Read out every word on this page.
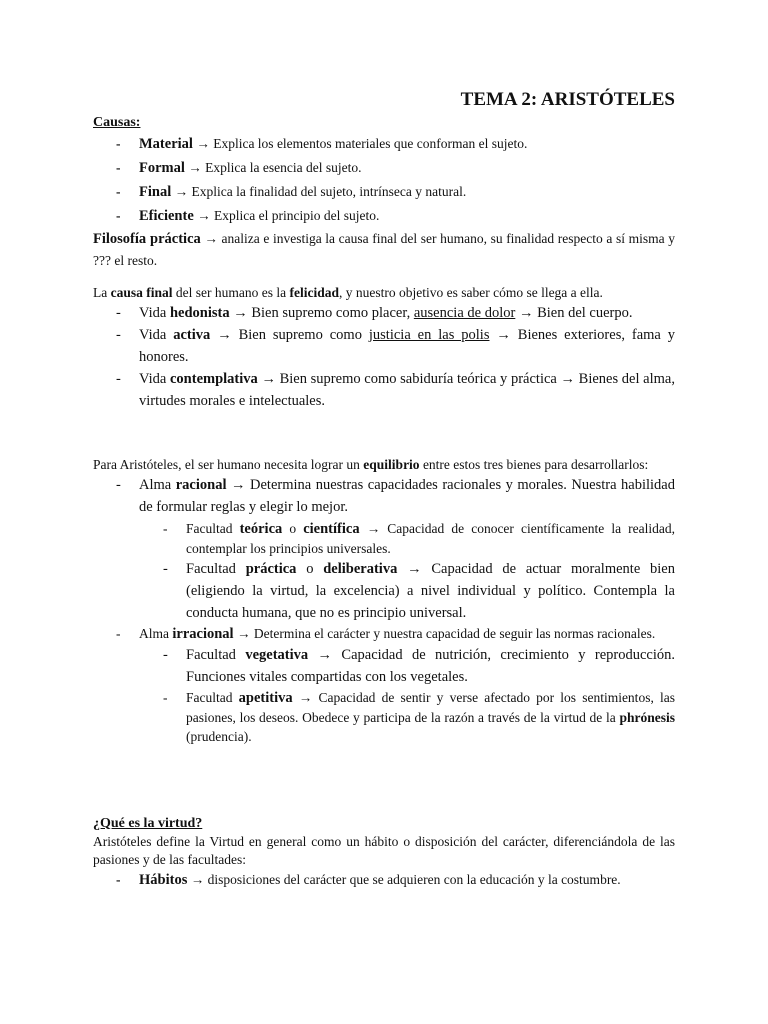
TEMA 2: ARISTÓTELES

Causas:

- Material → Explica los elementos materiales que conforman el sujeto.
- Formal → Explica la esencia del sujeto.
- Final → Explica la finalidad del sujeto, intrínseca y natural.
- Eficiente → Explica el principio del sujeto.

Filosofía práctica → analiza e investiga la causa final del ser humano, su finalidad respecto a sí misma y ??? el resto.

La causa final del ser humano es la felicidad, y nuestro objetivo es saber cómo se llega a ella.

- Vida hedonista → Bien supremo como placer, ausencia de dolor → Bien del cuerpo.
- Vida activa → Bien supremo como justicia en las polis → Bienes exteriores, fama y honores.
- Vida contemplativa → Bien supremo como sabiduría teórica y práctica → Bienes del alma, virtudes morales e intelectuales.

Para Aristóteles, el ser humano necesita lograr un equilibrio entre estos tres bienes para desarrollarlos:

- Alma racional → Determina nuestras capacidades racionales y morales. Nuestra habilidad de formular reglas y elegir lo mejor.
- Facultad teórica o científica → Capacidad de conocer científicamente la realidad, contemplar los principios universales.
- Facultad práctica o deliberativa → Capacidad de actuar moralmente bien (eligiendo la virtud, la excelencia) a nivel individual y político. Contempla la conducta humana, que no es principio universal.
- Alma irracional → Determina el carácter y nuestra capacidad de seguir las normas racionales.
- Facultad vegetativa → Capacidad de nutrición, crecimiento y reproducción. Funciones vitales compartidas con los vegetales.
- Facultad apetitiva → Capacidad de sentir y verse afectado por los sentimientos, las pasiones, los deseos. Obedece y participa de la razón a través de la virtud de la phrónesis (prudencia).

¿Qué es la virtud?

Aristóteles define la Virtud en general como un hábito o disposición del carácter, diferenciándola de las pasiones y de las facultades:

- Hábitos → disposiciones del carácter que se adquieren con la educación y la costumbre.
